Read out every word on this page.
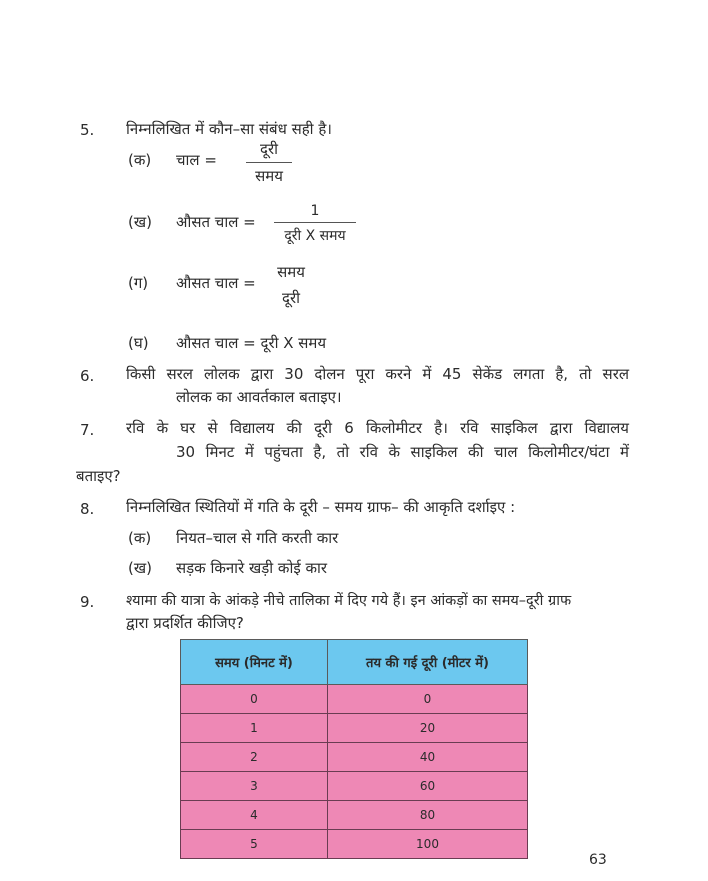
5. निम्नलिखित में कौन–सा संबंध सही है।
(क) चाल =
दूरी
समय
(ख) औसत चाल =
1
दूरी X समय
(ग) औसत चाल =
समय
दूरी
(घ) औसत चाल = दूरी X समय
6. किसी सरल लोलक द्वारा 30 दोलन पूरा करने में 45 सेकेंड लगता है, तो सरल
लोलक का आवर्तकाल बताइए।
7. रवि के घर से विद्यालय की दूरी 6 किलोमीटर है। रवि साइकिल द्वारा विद्यालय
30 मिनट में पहुंचता है, तो रवि के साइकिल की चाल किलोमीटर/घंटा में
बताइए?
8. निम्नलिखित स्थितियों में गति के दूरी – समय ग्राफ– की आकृति दर्शाइए :
(क) नियत–चाल से गति करती कार
(ख) सड़क किनारे खड़ी कोई कार
9. श्यामा की यात्रा के आंकड़े नीचे तालिका में दिए गये हैं। इन आंकड़ों का समय–दूरी ग्राफ
द्वारा प्रदर्शित कीजिए?
समय (मिनट में)	तय की गई दूरी (मीटर में)
0	0
1	20
2	40
3	60
4	80
5	100
63
